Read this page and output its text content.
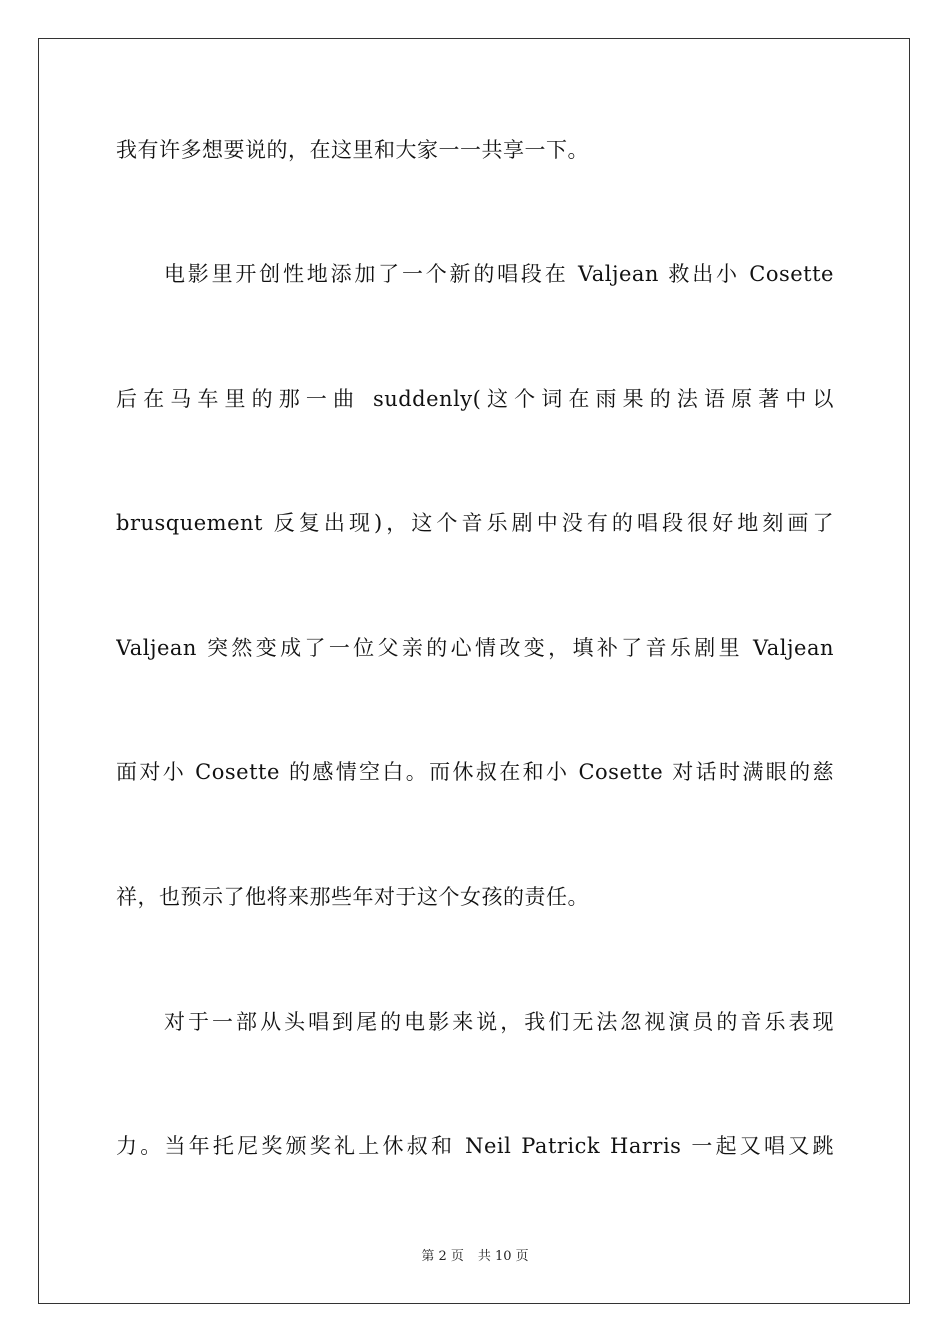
我有许多想要说的，在这里和大家一一共享一下。
电影里开创性地添加了一个新的唱段在 Valjean 救出小 Cosette
后在马车里的那一曲 suddenly(这个词在雨果的法语原著中以
brusquement 反复出现)，这个音乐剧中没有的唱段很好地刻画了
Valjean 突然变成了一位父亲的心情改变，填补了音乐剧里 Valjean
面对小 Cosette 的感情空白。而休叔在和小 Cosette 对话时满眼的慈
祥，也预示了他将来那些年对于这个女孩的责任。
对于一部从头唱到尾的电影来说，我们无法忽视演员的音乐表现
力。当年托尼奖颁奖礼上休叔和 Neil Patrick Harris 一起又唱又跳
第 2 页 共 10 页
